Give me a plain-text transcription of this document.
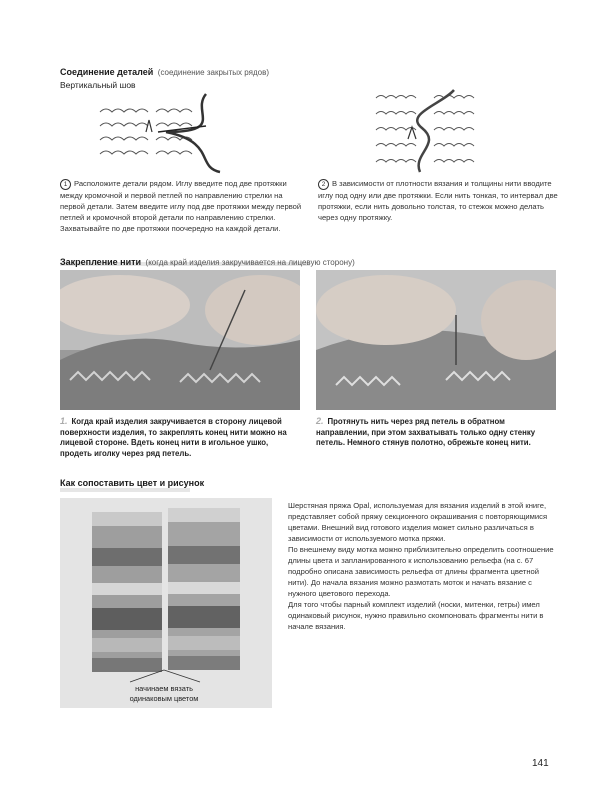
Соединение деталей (соединение закрытых рядов)
Вертикальный шов
1 Расположите детали рядом. Иглу введите под две протяжки между кромочной и первой петлей по направлению стрелки на первой детали. Затем введите иглу под две протяжки между первой петлей и кромочной второй детали по направлению стрелки. Захватывайте по две протяжки поочередно на каждой детали.
2 В зависимости от плотности вязания и толщины нити вводите иглу под одну или две протяжки. Если нить тонкая, то интервал две протяжки, если нить довольно толстая, то стежок можно делать через одну протяжку.
Закрепление нити (когда край изделия закручивается на лицевую сторону)
1. Когда край изделия закручивается в сторону лицевой поверхности изделия, то закреплять конец нити можно на лицевой стороне. Вдеть конец нити в игольное ушко, продеть иголку через ряд петель.
2. Протянуть нить через ряд петель в обратном направлении, при этом захватывать только одну стенку петель. Немного стянув полотно, обрежьте конец нити.
Как сопоставить цвет и рисунок
начинаем вязать
одинаковым цветом
Шерстяная пряжа Opal, используемая для вязания изделий в этой книге, представляет собой пряжу секционного окрашивания с повторяющимися цветами. Внешний вид готового изделия может сильно различаться в зависимости от используемого мотка пряжи.
По внешнему виду мотка можно приблизительно определить соотношение длины цвета и запланированного к использованию рельефа (на с. 67 подробно описана зависимость рельефа от длины фрагмента цветной нити). До начала вязания можно размотать моток и начать вязание с нужного цветового перехода.
Для того чтобы парный комплект изделий (носки, митенки, гетры) имел одинаковый рисунок, нужно правильно скомпоновать фрагменты нити в начале вязания.
141
